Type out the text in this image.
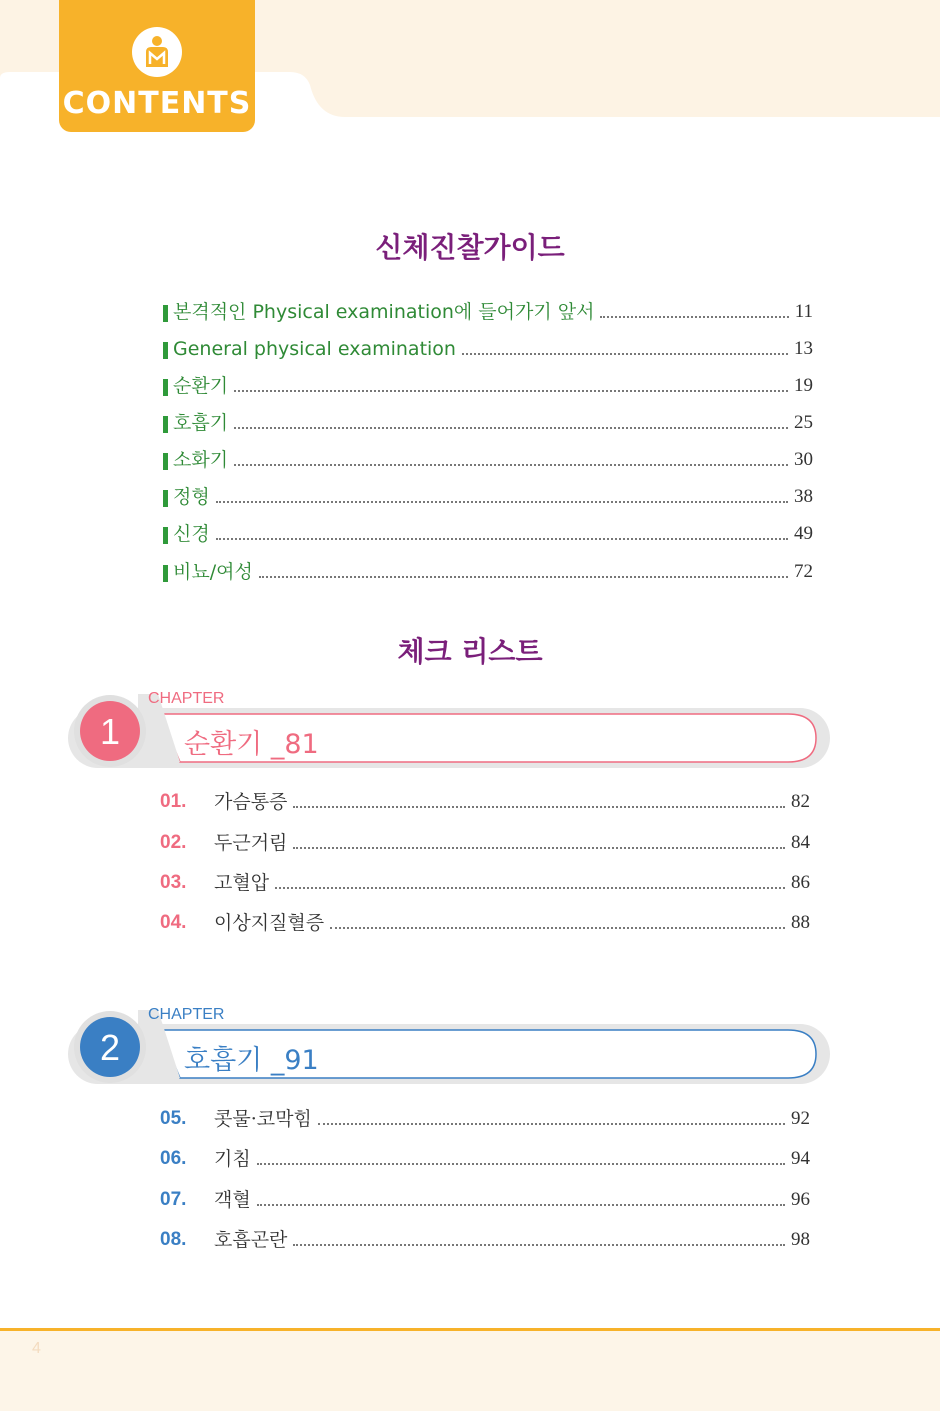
CONTENTS
신체진찰가이드
본격적인 Physical examination에 들어가기 앞서	11
General physical examination	13
순환기	19
호흡기	25
소화기	30
정형	38
신경	49
비뇨/여성	72
체크 리스트
1
CHAPTER
순환기 _81
01.	가슴통증	82
02.	두근거림	84
03.	고혈압	86
04.	이상지질혈증	88
2
CHAPTER
호흡기 _91
05.	콧물·코막힘	92
06.	기침	94
07.	객혈	96
08.	호흡곤란	98
4
